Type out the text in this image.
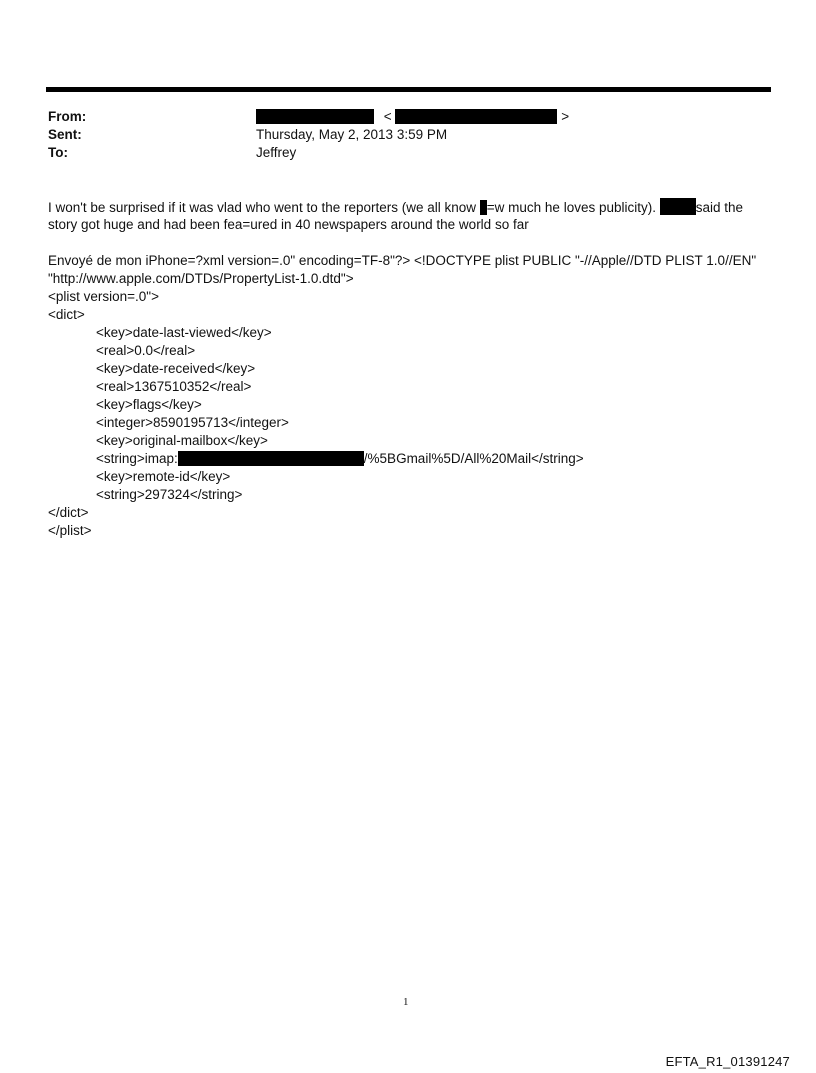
From:	<	>
Sent:	Thursday, May 2, 2013 3:59 PM
To:	Jeffrey
I won't be surprised if it was vlad who went to the reporters (we all know =w much he loves publicity).	said the
story got huge and had been fea=ured in 40 newspapers around the world so far
Envoyé de mon iPhone=?xml version=.0" encoding=TF-8"?> <!DOCTYPE plist PUBLIC "-//Apple//DTD PLIST 1.0//EN"
"http://www.apple.com/DTDs/PropertyList-1.0.dtd">
<plist version=.0">
<dict>
<key>date-last-viewed</key>
<real>0.0</real>
<key>date-received</key>
<real>1367510352</real>
<key>flags</key>
<integer>8590195713</integer>
<key>original-mailbox</key>
<string>imap:	/%5BGmail%5D/All%20Mail</string>
<key>remote-id</key>
<string>297324</string>
</dict>
</plist>
1
EFTA_R1_01391247
